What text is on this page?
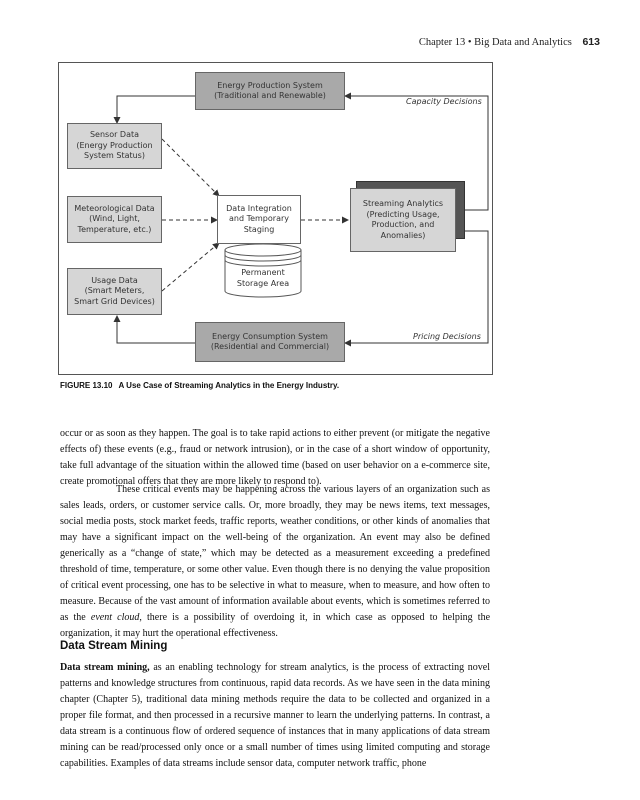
Chapter 13 • Big Data and Analytics 613
Energy Production System
(Traditional and Renewable)
Capacity Decisions
Sensor Data
(Energy Production
System Status)
Meteorological Data
(Wind, Light,
Temperature, etc.)
Usage Data
(Smart Meters,
Smart Grid Devices)
Data Integration
and Temporary
Staging
Permanent
Storage Area
Streaming Analytics
(Predicting Usage,
Production, and
Anomalies)
Pricing Decisions
Energy Consumption System
(Residential and Commercial)
FIGURE 13.10 A Use Case of Streaming Analytics in the Energy Industry.

occur or as soon as they happen. The goal is to take rapid actions to either prevent (or mitigate the negative effects of) these events (e.g., fraud or network intrusion), or in the case of a short window of opportunity, take full advantage of the situation within the allowed time (based on user behavior on a e-commerce site, create promotional offers that they are more likely to respond to).

These critical events may be happening across the various layers of an organization such as sales leads, orders, or customer service calls. Or, more broadly, they may be news items, text messages, social media posts, stock market feeds, traffic reports, weather conditions, or other kinds of anomalies that may have a significant impact on the well-being of the organization. An event may also be defined generically as a “change of state,” which may be detected as a measurement exceeding a predefined threshold of time, temperature, or some other value. Even though there is no denying the value proposition of critical event processing, one has to be selective in what to measure, when to measure, and how often to measure. Because of the vast amount of information available about events, which is sometimes referred to as the event cloud, there is a possibility of overdoing it, in which case as opposed to helping the organization, it may hurt the operational effectiveness.

Data Stream Mining

Data stream mining, as an enabling technology for stream analytics, is the process of extracting novel patterns and knowledge structures from continuous, rapid data records. As we have seen in the data mining chapter (Chapter 5), traditional data mining methods require the data to be collected and organized in a proper file format, and then processed in a recursive manner to learn the underlying patterns. In contrast, a data stream is a continuous flow of ordered sequence of instances that in many applications of data stream mining can be read/processed only once or a small number of times using limited computing and storage capabilities. Examples of data streams include sensor data, computer network traffic, phone
